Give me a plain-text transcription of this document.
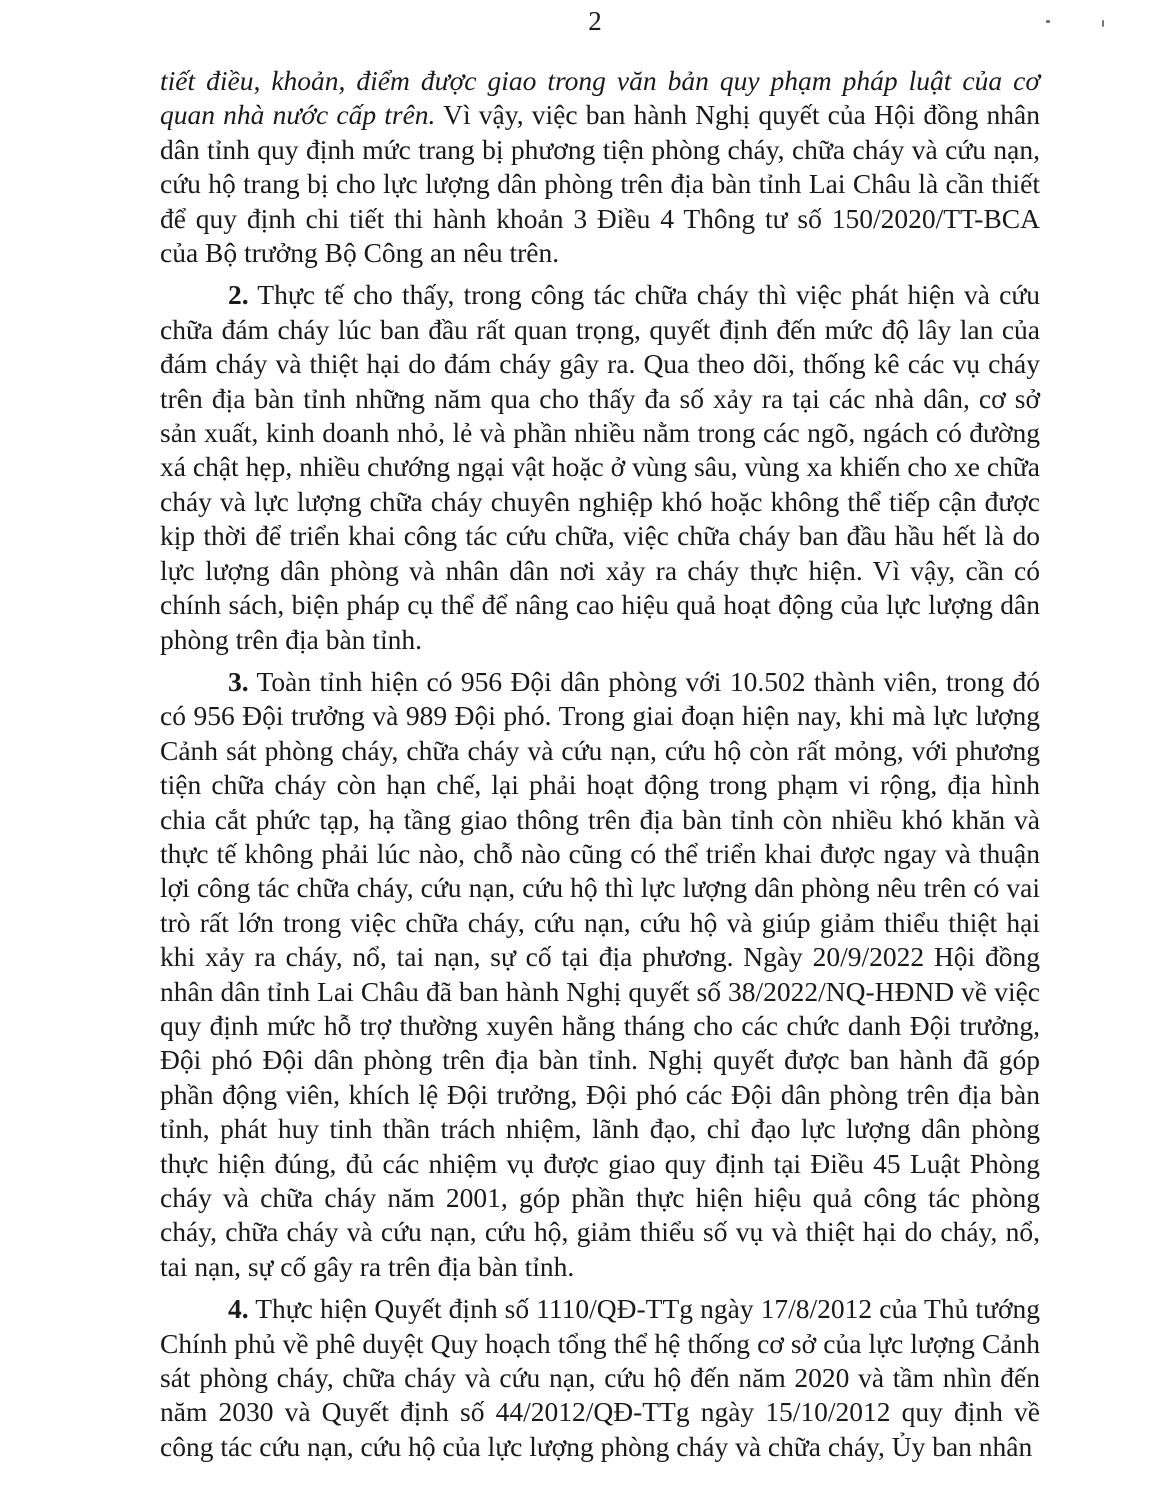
2

tiết điều, khoản, điểm được giao trong văn bản quy phạm pháp luật của cơ quan nhà nước cấp trên. Vì vậy, việc ban hành Nghị quyết của Hội đồng nhân dân tỉnh quy định mức trang bị phương tiện phòng cháy, chữa cháy và cứu nạn, cứu hộ trang bị cho lực lượng dân phòng trên địa bàn tỉnh Lai Châu là cần thiết để quy định chi tiết thi hành khoản 3 Điều 4 Thông tư số 150/2020/TT-BCA của Bộ trưởng Bộ Công an nêu trên.

2. Thực tế cho thấy, trong công tác chữa cháy thì việc phát hiện và cứu chữa đám cháy lúc ban đầu rất quan trọng, quyết định đến mức độ lây lan của đám cháy và thiệt hại do đám cháy gây ra. Qua theo dõi, thống kê các vụ cháy trên địa bàn tỉnh những năm qua cho thấy đa số xảy ra tại các nhà dân, cơ sở sản xuất, kinh doanh nhỏ, lẻ và phần nhiều nằm trong các ngõ, ngách có đường xá chật hẹp, nhiều chướng ngại vật hoặc ở vùng sâu, vùng xa khiến cho xe chữa cháy và lực lượng chữa cháy chuyên nghiệp khó hoặc không thể tiếp cận được kịp thời để triển khai công tác cứu chữa, việc chữa cháy ban đầu hầu hết là do lực lượng dân phòng và nhân dân nơi xảy ra cháy thực hiện. Vì vậy, cần có chính sách, biện pháp cụ thể để nâng cao hiệu quả hoạt động của lực lượng dân phòng trên địa bàn tỉnh.

3. Toàn tỉnh hiện có 956 Đội dân phòng với 10.502 thành viên, trong đó có 956 Đội trưởng và 989 Đội phó. Trong giai đoạn hiện nay, khi mà lực lượng Cảnh sát phòng cháy, chữa cháy và cứu nạn, cứu hộ còn rất mỏng, với phương tiện chữa cháy còn hạn chế, lại phải hoạt động trong phạm vi rộng, địa hình chia cắt phức tạp, hạ tầng giao thông trên địa bàn tỉnh còn nhiều khó khăn và thực tế không phải lúc nào, chỗ nào cũng có thể triển khai được ngay và thuận lợi công tác chữa cháy, cứu nạn, cứu hộ thì lực lượng dân phòng nêu trên có vai trò rất lớn trong việc chữa cháy, cứu nạn, cứu hộ và giúp giảm thiểu thiệt hại khi xảy ra cháy, nổ, tai nạn, sự cố tại địa phương. Ngày 20/9/2022 Hội đồng nhân dân tỉnh Lai Châu đã ban hành Nghị quyết số 38/2022/NQ-HĐND về việc quy định mức hỗ trợ thường xuyên hằng tháng cho các chức danh Đội trưởng, Đội phó Đội dân phòng trên địa bàn tỉnh. Nghị quyết được ban hành đã góp phần động viên, khích lệ Đội trưởng, Đội phó các Đội dân phòng trên địa bàn tỉnh, phát huy tinh thần trách nhiệm, lãnh đạo, chỉ đạo lực lượng dân phòng thực hiện đúng, đủ các nhiệm vụ được giao quy định tại Điều 45 Luật Phòng cháy và chữa cháy năm 2001, góp phần thực hiện hiệu quả công tác phòng cháy, chữa cháy và cứu nạn, cứu hộ, giảm thiểu số vụ và thiệt hại do cháy, nổ, tai nạn, sự cố gây ra trên địa bàn tỉnh.

4. Thực hiện Quyết định số 1110/QĐ-TTg ngày 17/8/2012 của Thủ tướng Chính phủ về phê duyệt Quy hoạch tổng thể hệ thống cơ sở của lực lượng Cảnh sát phòng cháy, chữa cháy và cứu nạn, cứu hộ đến năm 2020 và tầm nhìn đến năm 2030 và Quyết định số 44/2012/QĐ-TTg ngày 15/10/2012 quy định về công tác cứu nạn, cứu hộ của lực lượng phòng cháy và chữa cháy, Ủy ban nhân
